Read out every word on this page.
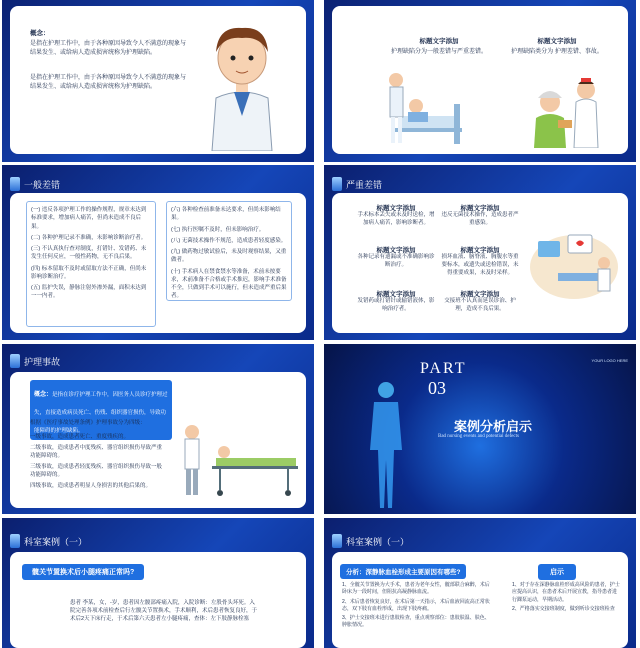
概念：
是指在护理工作中，由于各种原因导致令人不满意的现象与结果发生、或给病人造成损害统称为护理缺陷。
是指在护理工作中，由于各种原因导致令人不满意的现象与结果发生、或给病人造成损害统称为护理缺陷。
标题文字添加
护理缺陷分为一般差错与严重差错。
标题文字添加
护理缺陷类分为 护理差错、事故。
一般差错
(一) 违反各项护理工作的操作规程，规章未达到标准要求，增加病人痛苦，但尚未造成不良后果。
(二) 各种护理记录不准确，未影响诊断治疗者。
(三) 不认真执行查对制度，打错针、发错药、未发生任何反应，一般性药物，无不良后果。
(四) 标本留取不及时或留取方法不正确，但尚未影响诊断治疗。
(五) 监护失误，静脉注射外渗外漏，面积未达到一一内者。
(六) 各种检查前准备未达要求，但尚未影响结果。
(七) 执行医嘱不及时，但未影响治疗。
(八) 无菌技术操作不规范，造成患者轻度感染。
(九) 做药物过敏试验后，未及时观察结果，又重做者。
(十) 手术病人在禁食禁水等准备，术前未按要求，术前准备不合格或手术推迟，影响手术准备不全，只做到手术可以施行，但未造成严重后果者。
严重差错
标题文字添加
手术标本丢失或未及时送检，增加病人痛苦，影响诊断者。
标题文字添加
违反无菌技术操作，造成患者严重感染。
标题文字添加
各种记录有遗漏或不准确影响诊断治疗。
标题文字添加
损坏血液、脑脊液、胸腹水等重要标本，或遗失或送检错误，未得重要成果，未及时采样。
标题文字添加
发错药或打错针或输错液体，影响治疗者。
标题文字添加
交接班不认真而延误诊治、护理，造成不良后果。
护理事故
概念：是指在诊疗护理工作中，因医务人员诊疗护理过失，直接造成病员死亡、伤残、组织器官损伤，导致功能障碍的护理缺陷。
根据《医疗事故处理条例》护理事故分为四级：
一级事故，造成患者死亡、重度残疾的。
二级事故，造成患者中度残疾、器官组织损伤导致严重功能障碍的。
三级事故，造成患者轻度残疾、器官组织损伤导致一般功能障碍的。
四级事故，造成患者明显人身损害的其他后果的。
YOUR LOGO HERE
PART
03
案例分析启示
Bad nursing events and potential defects
科室案例（一）
髋关节置换术后小腿疼痛正常吗?
患者 李某，女，-岁，患者因左髋部疼痛入院，入院诊断：左股骨头坏死。入院完善各项术前检查后行左髋关节置换术，手术顺利，术后患者恢复良好，于术后2天下床行走，于术后第六天患者左小腿疼痛，查体：左下肢静脉栓塞
科室案例（一）
分析：深静脉血栓形成主要原因有哪些?
1、全髋关节置换为大手术，患者为老年女性，髋部联合麻醉，术后卧床为一段时间，但阻抗高凝静脉血流。
2、术后患者恢复良好，在术后第一天指示，术后血液回流高正常状态，双下肢有血栓形成，出现下肢疼痛。
3、护士交接班未进行患肢检查，重点观察部位：患肢肤温、肤色、肿胀情况。
启示
1、对于存在深静脉血栓形成高风险的患者，护士应提高认识，在患者术后开展宣教，指导患者进行踝泵运动，早期活动。
2、严格落实交接班制度，做到听诊交接班检查
